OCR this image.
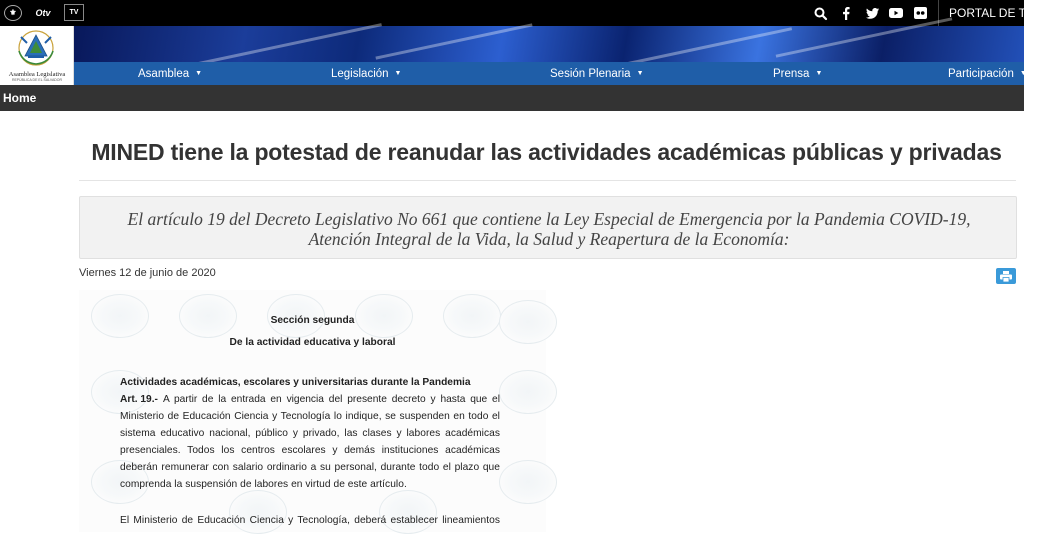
⚜	Otv	TV	PORTAL DE TRA
Asamblea Legislativa
REPÚBLICA DE EL SALVADOR
Asamblea ▼	Legislación ▼	Sesión Plenaria ▼	Prensa ▼	Participación ▼
Home
MINED tiene la potestad de reanudar las actividades académicas públicas y privadas
El artículo 19 del Decreto Legislativo No 661 que contiene la Ley Especial de Emergencia por la Pandemia COVID-19,
Atención Integral de la Vida, la Salud y Reapertura de la Economía:
Viernes 12 de junio de 2020
Sección segunda
De la actividad educativa y laboral
Actividades académicas, escolares y universitarias durante la Pandemia
Art. 19.- A partir de la entrada en vigencia del presente decreto y hasta que el
Ministerio de Educación Ciencia y Tecnología lo indique, se suspenden en todo el
sistema educativo nacional, público y privado, las clases y labores académicas
presenciales. Todos los centros escolares y demás instituciones académicas
deberán remunerar con salario ordinario a su personal, durante todo el plazo que
comprenda la suspensión de labores en virtud de este artículo.
El Ministerio de Educación Ciencia y Tecnología, deberá establecer lineamientos
